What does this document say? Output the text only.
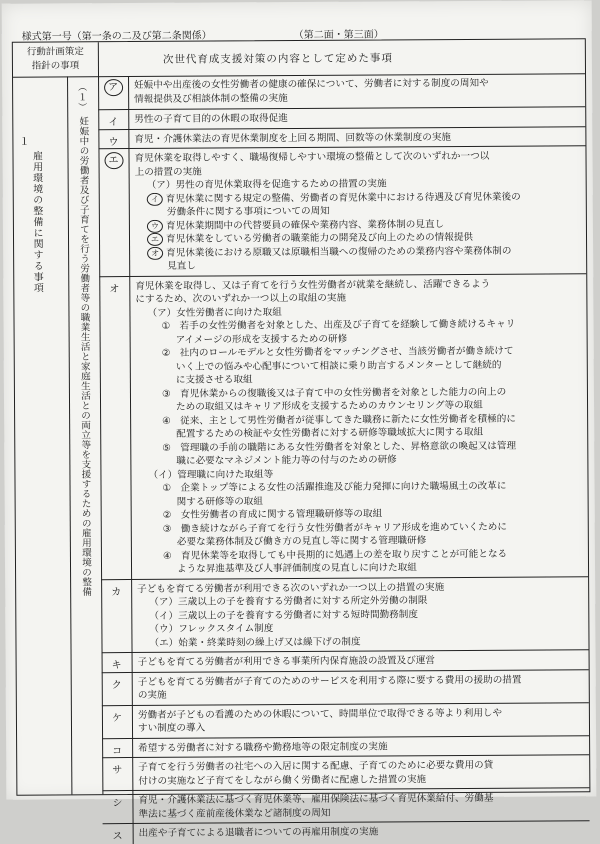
様式第一号（第一条の二及び第二条関係）	（第二面・第三面）
行動計画策定
指針の事項
次世代育成支援対策の内容として定めた事項
１
雇用環境の整備に関する事項
（１）
妊娠中の労働者及び子育てを行う労働者等の職業生活と家庭生活との両立等を支援するための雇用環境の整備
ア	妊娠中や出産後の女性労働者の健康の確保について、労働者に対する制度の周知や
情報提供及び相談体制の整備の実施
イ 男性の子育て目的の休暇の取得促進
ウ 育児・介護休業法の育児休業制度を上回る期間、回数等の休業制度の実施
エ	育児休業を取得しやすく、職場復帰しやすい環境の整備として次のいずれか一つ以
上の措置の実施
（ア）男性の育児休業取得を促進するための措置の実施
イ 育児休業に関する規定の整備、労働者の育児休業中における待遇及び育児休業後の
労働条件に関する事項についての周知
ウ 育児休業期間中の代替要員の確保や業務内容、業務体制の見直し
エ 育児休業をしている労働者の職業能力の開発及び向上のための情報提供
オ 育児休業後における原職又は原職相当職への復帰のための業務内容や業務体制の
見直し
オ 育児休業を取得し、又は子育てを行う女性労働者が就業を継続し、活躍できるよう
にするため、次のいずれか一つ以上の取組の実施
（ア）女性労働者に向けた取組
① 若手の女性労働者を対象とした、出産及び子育てを経験して働き続けるキャリ
アイメージの形成を支援するための研修
② 社内のロールモデルと女性労働者をマッチングさせ、当該労働者が働き続けて
いく上での悩みや心配事について相談に乗り助言するメンターとして継続的
に支援させる取組
③ 育児休業からの復職後又は子育て中の女性労働者を対象とした能力の向上の
ための取組又はキャリア形成を支援するためのカウンセリング等の取組
④ 従来、主として男性労働者が従事してきた職務に新たに女性労働者を積極的に
配置するための検証や女性労働者に対する研修等職域拡大に関する取組
⑤ 管理職の手前の職階にある女性労働者を対象とした、昇格意欲の喚起又は管理
職に必要なマネジメント能力等の付与のための研修
（イ）管理職に向けた取組等
① 企業トップ等による女性の活躍推進及び能力発揮に向けた職場風土の改革に
関する研修等の取組
② 女性労働者の育成に関する管理職研修等の取組
③ 働き続けながら子育てを行う女性労働者がキャリア形成を進めていくために
必要な業務体制及び働き方の見直し等に関する管理職研修
④ 育児休業等を取得しても中長期的に処遇上の差を取り戻すことが可能となる
ような昇進基準及び人事評価制度の見直しに向けた取組
カ 子どもを育てる労働者が利用できる次のいずれか一つ以上の措置の実施
（ア）三歳以上の子を養育する労働者に対する所定外労働の制限
（イ）三歳以上の子を養育する労働者に対する短時間勤務制度
（ウ）フレックスタイム制度
（エ）始業・終業時刻の繰上げ又は繰下げの制度
キ 子どもを育てる労働者が利用できる事業所内保育施設の設置及び運営
ク 子どもを育てる労働者が子育てのためのサービスを利用する際に要する費用の援助の措置
の実施
ケ 労働者が子どもの看護のための休暇について、時間単位で取得できる等より利用しや
すい制度の導入
コ 希望する労働者に対する職務や勤務地等の限定制度の実施
サ 子育てを行う労働者の社宅への入居に関する配慮、子育てのために必要な費用の貸
付けの実施など子育てをしながら働く労働者に配慮した措置の実施
シ 育児・介護休業法に基づく育児休業等、雇用保険法に基づく育児休業給付、労働基
準法に基づく産前産後休業など諸制度の周知
ス 出産や子育てによる退職者についての再雇用制度の実施
